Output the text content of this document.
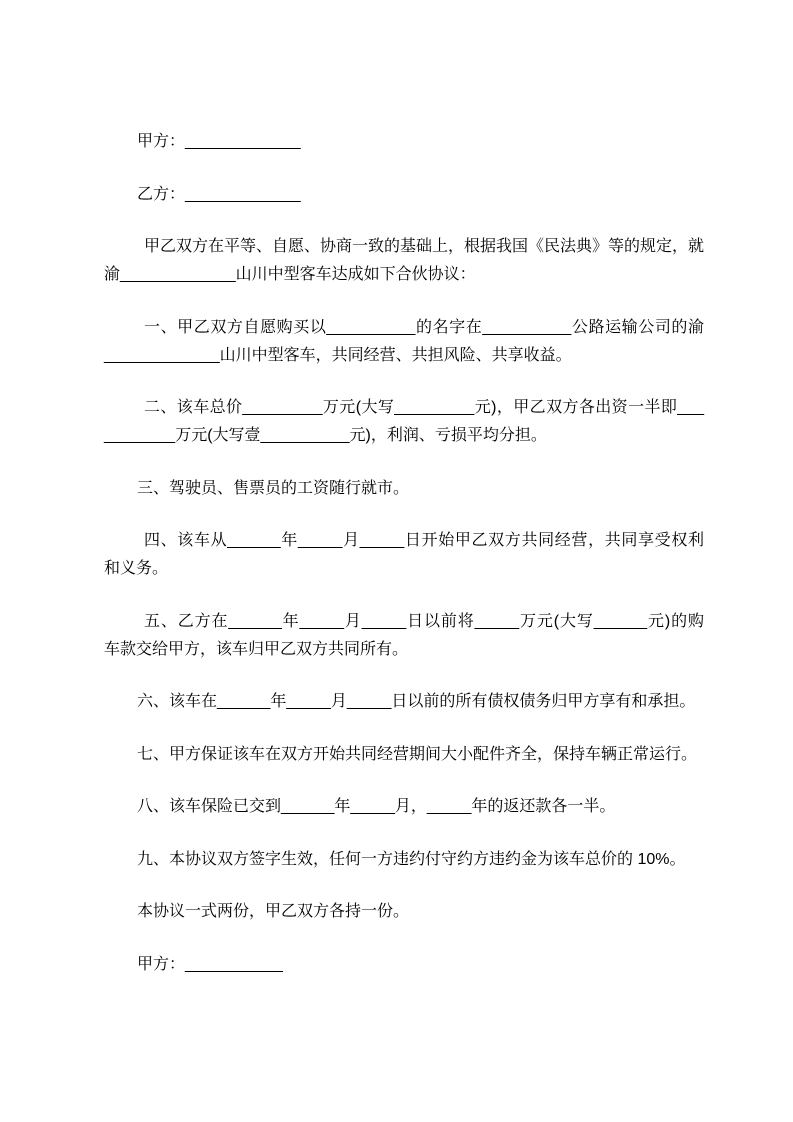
甲方：_____________
乙方：_____________
甲乙双方在平等、自愿、协商一致的基础上，根据我国《民法典》等的规定，就
渝_____________山川中型客车达成如下合伙协议：
一、甲乙双方自愿购买以__________的名字在__________公路运输公司的渝
_____________山川中型客车，共同经营、共担风险、共享收益。
二、该车总价_________万元(大写_________元)，甲乙双方各出资一半即___
________万元(大写壹__________元)，利润、亏损平均分担。
三、驾驶员、售票员的工资随行就市。
四、该车从______年_____月_____日开始甲乙双方共同经营，共同享受权利
和义务。
五、乙方在______年_____月_____日以前将_____万元(大写______元)的购
车款交给甲方，该车归甲乙双方共同所有。
六、该车在______年_____月_____日以前的所有债权债务归甲方享有和承担。
七、甲方保证该车在双方开始共同经营期间大小配件齐全，保持车辆正常运行。
八、该车保险已交到______年_____月，_____年的返还款各一半。
九、本协议双方签字生效，任何一方违约付守约方违约金为该车总价的 10%。
本协议一式两份，甲乙双方各持一份。
甲方：___________
